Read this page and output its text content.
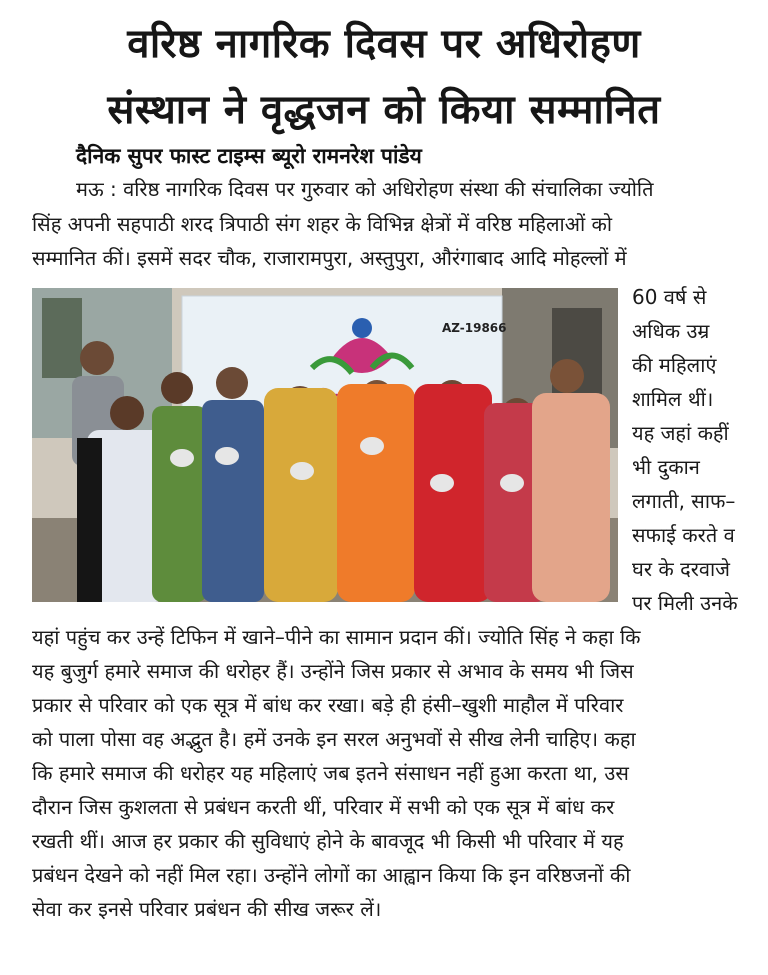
वरिष्ठ नागरिक दिवस पर अधिरोहण
संस्थान ने वृद्धजन को किया सम्मानित
दैनिक सुपर फास्ट टाइम्स ब्यूरो रामनरेश पांडेय
मऊ : वरिष्ठ नागरिक दिवस पर गुरुवार को अधिरोहण संस्था की संचालिका ज्योति
सिंह अपनी सहपाठी शरद त्रिपाठी संग शहर के विभिन्न क्षेत्रों में वरिष्ठ महिलाओं को
सम्मानित कीं। इसमें सदर चौक, राजारामपुरा, अस्तुपुरा, औरंगाबाद आदि मोहल्लों में
AZ-19866
60 वर्ष से
अधिक उम्र
की महिलाएं
शामिल थीं।
यह जहां कहीं
भी दुकान
लगाती, साफ–
सफाई करते व
घर के दरवाजे
पर मिली उनके
यहां पहुंच कर उन्हें टिफिन में खाने–पीने का सामान प्रदान कीं। ज्योति सिंह ने कहा कि
यह बुजुर्ग हमारे समाज की धरोहर हैं। उन्होंने जिस प्रकार से अभाव के समय भी जिस
प्रकार से परिवार को एक सूत्र में बांध कर रखा। बड़े ही हंसी–खुशी माहौल में परिवार
को पाला पोसा वह अद्भुत है। हमें उनके इन सरल अनुभवों से सीख लेनी चाहिए। कहा
कि हमारे समाज की धरोहर यह महिलाएं जब इतने संसाधन नहीं हुआ करता था, उस
दौरान जिस कुशलता से प्रबंधन करती थीं, परिवार में सभी को एक सूत्र में बांध कर
रखती थीं। आज हर प्रकार की सुविधाएं होने के बावजूद भी किसी भी परिवार में यह
प्रबंधन देखने को नहीं मिल रहा। उन्होंने लोगों का आह्वान किया कि इन वरिष्ठजनों की
सेवा कर इनसे परिवार प्रबंधन की सीख जरूर लें।
